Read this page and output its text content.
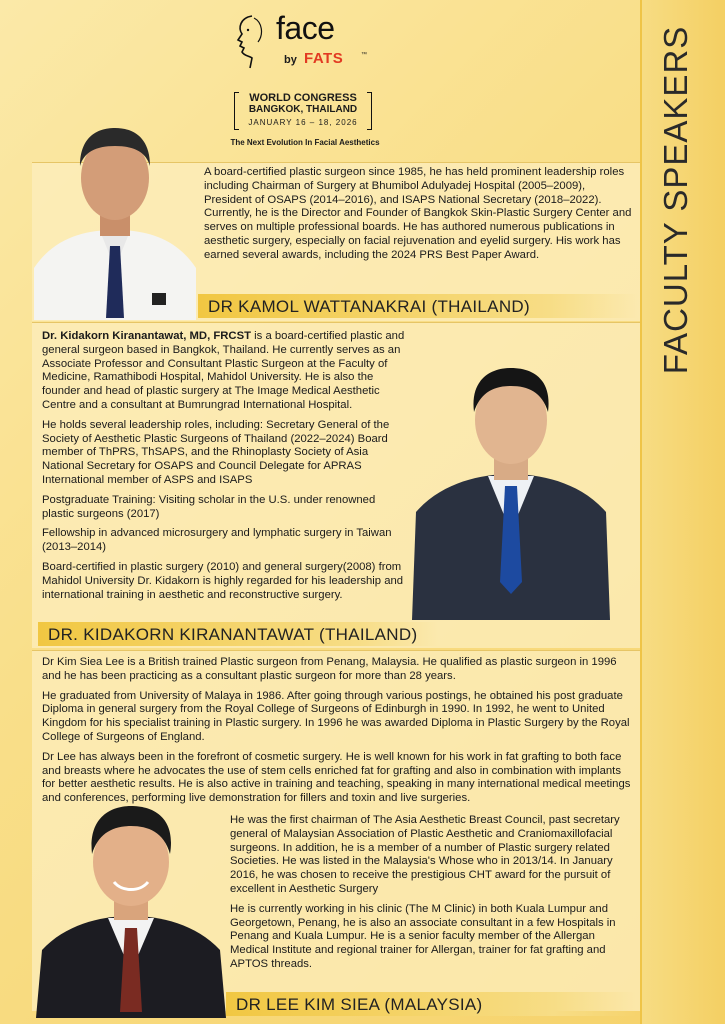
FACULTY SPEAKERS
face
by FATS	™
WORLD CONGRESS
BANGKOK, THAILAND
JANUARY 16 – 18, 2026
The Next Evolution In Facial Aesthetics

A board-certified plastic surgeon since 1985, he has held prominent leadership roles including Chairman of Surgery at Bhumibol Adulyadej Hospital (2005–2009), President of OSAPS (2014–2016), and ISAPS National Secretary (2018–2022). Currently, he is the Director and Founder of Bangkok Skin-Plastic Surgery Center and serves on multiple professional boards. He has authored numerous publications in aesthetic surgery, especially on facial rejuvenation and eyelid surgery. His work has earned several awards, including the 2024 PRS Best Paper Award.

DR KAMOL WATTANAKRAI (THAILAND)

Dr. Kidakorn Kiranantawat, MD, FRCST is a board-certified plastic and general surgeon based in Bangkok, Thailand. He currently serves as an Associate Professor and Consultant Plastic Surgeon at the Faculty of Medicine, Ramathibodi Hospital, Mahidol University. He is also the founder and head of plastic surgery at The Image Medical Aesthetic Centre and a consultant at Bumrungrad International Hospital.

He holds several leadership roles, including: Secretary General of the Society of Aesthetic Plastic Surgeons of Thailand (2022–2024) Board member of ThPRS, ThSAPS, and the Rhinoplasty Society of Asia National Secretary for OSAPS and Council Delegate for APRAS International member of ASPS and ISAPS

Postgraduate Training: Visiting scholar in the U.S. under renowned plastic surgeons (2017)

Fellowship in advanced microsurgery and lymphatic surgery in Taiwan (2013–2014)

Board-certified in plastic surgery (2010) and general surgery(2008) from Mahidol University Dr. Kidakorn is highly regarded for his leadership and international training in aesthetic and reconstructive surgery.

DR. KIDAKORN KIRANANTAWAT (THAILAND)

Dr Kim Siea Lee is a British trained Plastic surgeon from Penang, Malaysia. He qualified as plastic surgeon in 1996 and he has been practicing as a consultant plastic surgeon for more than 28 years.

He graduated from University of Malaya in 1986. After going through various postings, he obtained his post graduate Diploma in general surgery from the Royal College of Surgeons of Edinburgh in 1990. In 1992, he went to United Kingdom for his specialist training in Plastic surgery. In 1996 he was awarded Diploma in Plastic Surgery by the Royal College of Surgeons of England.

Dr Lee has always been in the forefront of cosmetic surgery. He is well known for his work in fat grafting to both face and breasts where he advocates the use of stem cells enriched fat for grafting and also in combination with implants for better aesthetic results. He is also active in training and teaching, speaking in many international medical meetings and conferences, performing live demonstration for fillers and toxin and live surgeries.

He was the first chairman of The Asia Aesthetic Breast Council, past secretary general of Malaysian Association of Plastic Aesthetic and Craniomaxillofacial surgeons. In addition, he is a member of a number of Plastic surgery related Societies. He was listed in the Malaysia's Whose who in 2013/14. In January 2016, he was chosen to receive the prestigious CHT award for the pursuit of excellent in Aesthetic Surgery

He is currently working in his clinic (The M Clinic) in both Kuala Lumpur and Georgetown, Penang, he is also an associate consultant in a few Hospitals in Penang and Kuala Lumpur. He is a senior faculty member of the Allergan Medical Institute and regional trainer for Allergan, trainer for fat grafting and APTOS threads.

DR LEE KIM SIEA (MALAYSIA)
